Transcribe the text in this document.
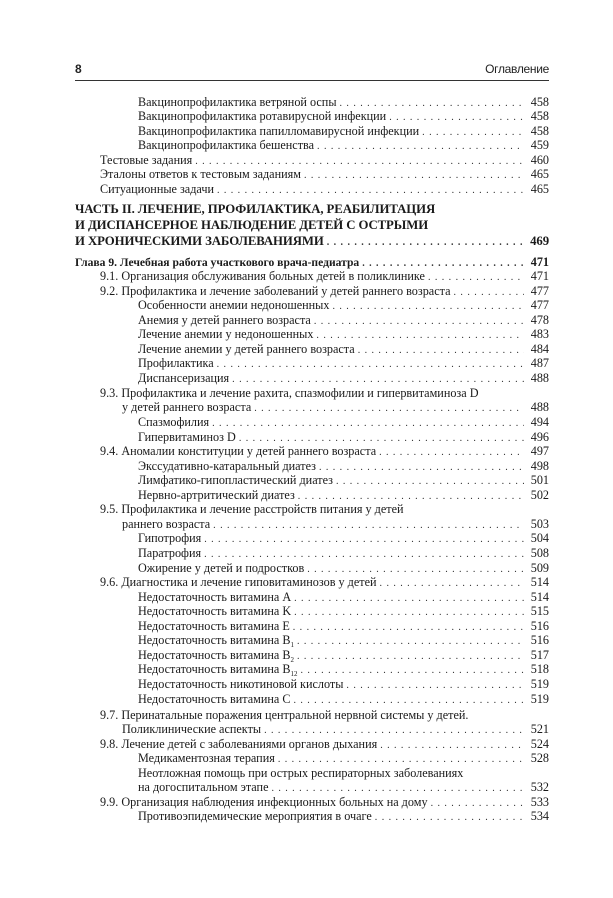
8	Оглавление
Вакцинопрофилактика ветряной оспы . . .	458
Вакцинопрофилактика ротавирусной инфекции . . .	458
Вакцинопрофилактика папилломавирусной инфекции . . .	458
Вакцинопрофилактика бешенства . . .	459
Тестовые задания . . .	460
Эталоны ответов к тестовым заданиям . . .	465
Ситуационные задачи . . .	465
ЧАСТЬ II. ЛЕЧЕНИЕ, ПРОФИЛАКТИКА, РЕАБИЛИТАЦИЯ
И ДИСПАНСЕРНОЕ НАБЛЮДЕНИЕ ДЕТЕЙ С ОСТРЫМИ
И ХРОНИЧЕСКИМИ ЗАБОЛЕВАНИЯМИ . . .	469
Глава 9. Лечебная работа участкового врача-педиатра . . .	471
9.1. Организация обслуживания больных детей в поликлинике . . .	471
9.2. Профилактика и лечение заболеваний у детей раннего возраста . . .	477
Особенности анемии недоношенных . . .	477
Анемия у детей раннего возраста . . .	478
Лечение анемии у недоношенных . . .	483
Лечение анемии у детей раннего возраста . . .	484
Профилактика . . .	487
Диспансеризация . . .	488
9.3. Профилактика и лечение рахита, спазмофилии и гипервитаминоза D
у детей раннего возраста . . .	488
Спазмофилия . . .	494
Гипервитаминоз D . . .	496
9.4. Аномалии конституции у детей раннего возраста . . .	497
Экссудативно-катаральный диатез . . .	498
Лимфатико-гипопластический диатез . . .	501
Нервно-артритический диатез . . .	502
9.5. Профилактика и лечение расстройств питания у детей
раннего возраста . . .	503
Гипотрофия . . .	504
Паратрофия . . .	508
Ожирение у детей и подростков . . .	509
9.6. Диагностика и лечение гиповитаминозов у детей . . .	514
Недостаточность витамина А . . .	514
Недостаточность витамина K . . .	515
Недостаточность витамина E . . .	516
Недостаточность витамина $B_1$ . . .	516
Недостаточность витамина $B_2$ . . .	517
Недостаточность витамина $B_{12}$ . . .	518
Недостаточность никотиновой кислоты . . .	519
Недостаточность витамина C . . .	519
9.7. Перинатальные поражения центральной нервной системы у детей.
Поликлинические аспекты . . .	521
9.8. Лечение детей с заболеваниями органов дыхания . . .	524
Медикаментозная терапия . . .	528
Неотложная помощь при острых респираторных заболеваниях
на догоспитальном этапе . . .	532
9.9. Организация наблюдения инфекционных больных на дому . . .	533
Противоэпидемические мероприятия в очаге . . .	534
